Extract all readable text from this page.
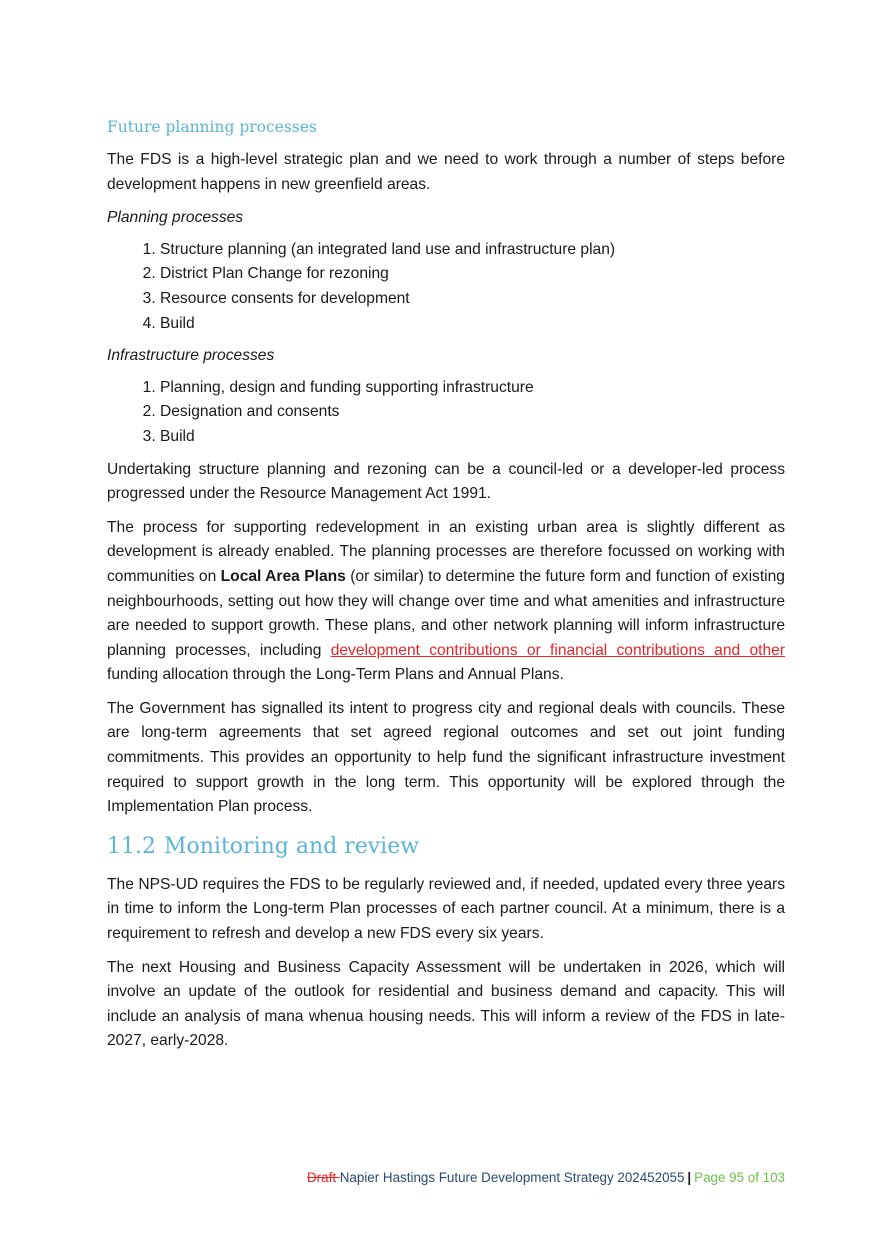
Future planning processes

The FDS is a high-level strategic plan and we need to work through a number of steps before development happens in new greenfield areas.

Planning processes
1. Structure planning (an integrated land use and infrastructure plan)
2. District Plan Change for rezoning
3. Resource consents for development
4. Build
Infrastructure processes
1. Planning, design and funding supporting infrastructure
2. Designation and consents
3. Build

Undertaking structure planning and rezoning can be a council-led or a developer-led process progressed under the Resource Management Act 1991.

The process for supporting redevelopment in an existing urban area is slightly different as development is already enabled. The planning processes are therefore focussed on working with communities on Local Area Plans (or similar) to determine the future form and function of existing neighbourhoods, setting out how they will change over time and what amenities and infrastructure are needed to support growth. These plans, and other network planning will inform infrastructure planning processes, including development contributions or financial contributions and other funding allocation through the Long-Term Plans and Annual Plans.

The Government has signalled its intent to progress city and regional deals with councils. These are long-term agreements that set agreed regional outcomes and set out joint funding commitments. This provides an opportunity to help fund the significant infrastructure investment required to support growth in the long term. This opportunity will be explored through the Implementation Plan process.

11.2 Monitoring and review

The NPS-UD requires the FDS to be regularly reviewed and, if needed, updated every three years in time to inform the Long-term Plan processes of each partner council. At a minimum, there is a requirement to refresh and develop a new FDS every six years.

The next Housing and Business Capacity Assessment will be undertaken in 2026, which will involve an update of the outlook for residential and business demand and capacity. This will include an analysis of mana whenua housing needs. This will inform a review of the FDS in late-2027, early-2028.

Draft Napier Hastings Future Development Strategy 202452055 | Page 95 of 103
